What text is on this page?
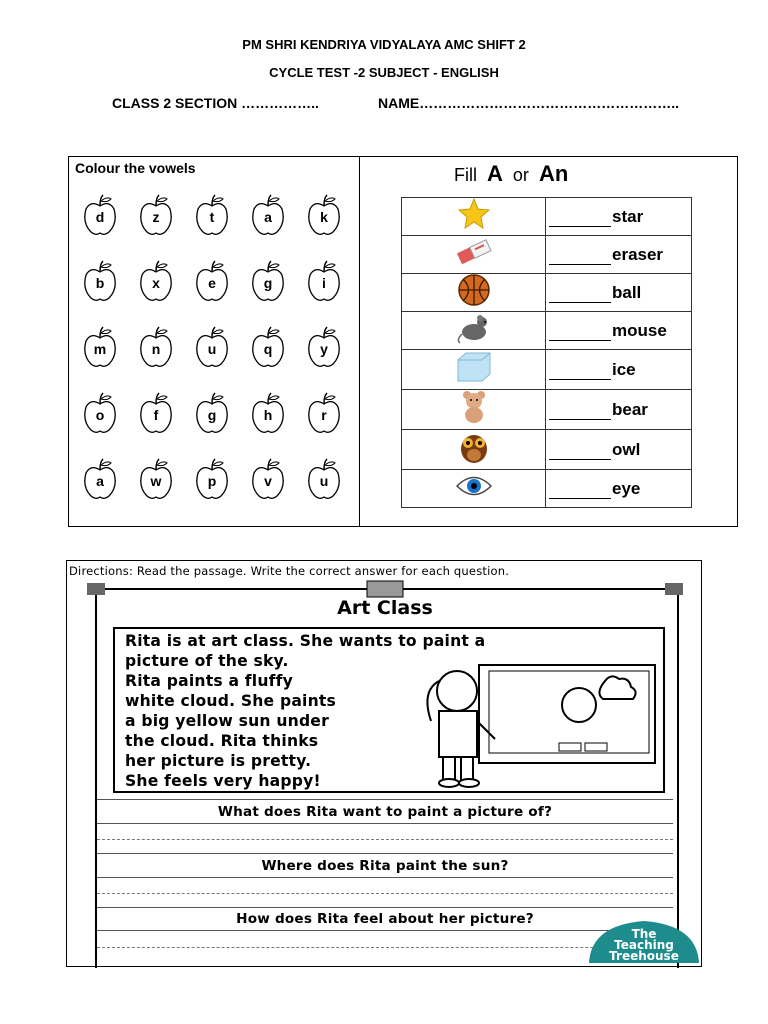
PM SHRI KENDRIYA VIDYALAYA AMC SHIFT 2
CYCLE TEST -2 SUBJECT - ENGLISH
CLASS 2 SECTION ……………..	NAME………………………………………………..
Colour the vowels
d	z	t	a	k
b	x	e	g	i
m	n	u	q	y
o	f	g	h	r
a	w	p	v	u
Fill A or An
	star
	eraser
	ball
	mouse
	ice
	bear
	owl
	eye
Directions: Read the passage. Write the correct answer for each question.
Art Class
Rita is at art class. She wants to paint a
picture of the sky.
Rita paints a fluffy
white cloud. She paints
a big yellow sun under
the cloud. Rita thinks
her picture is pretty.
She feels very happy!
What does Rita want to paint a picture of?
Where does Rita paint the sun?
How does Rita feel about her picture?
The
Teaching
Treehouse
